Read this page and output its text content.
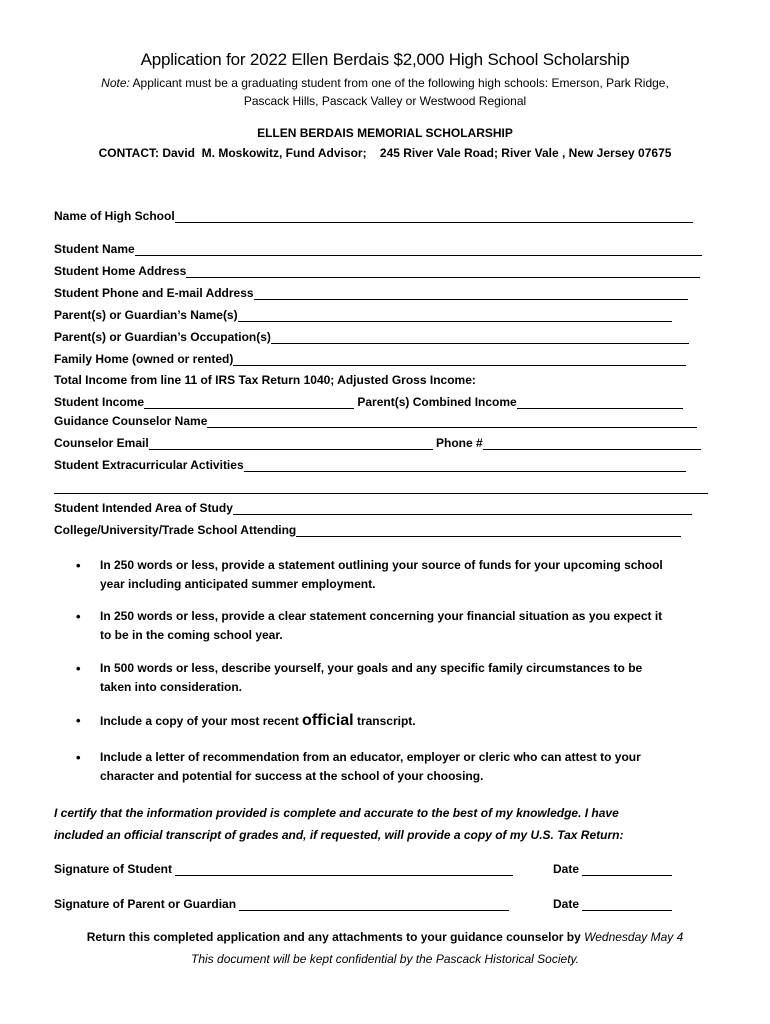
Application for 2022 Ellen Berdais $2,000 High School Scholarship
Note: Applicant must be a graduating student from one of the following high schools: Emerson, Park Ridge,
Pascack Hills, Pascack Valley or Westwood Regional
ELLEN BERDAIS MEMORIAL SCHOLARSHIP
CONTACT: David  M. Moskowitz, Fund Advisor;    245 River Vale Road; River Vale , New Jersey 07675
Name of High School
Student Name
Student Home Address
Student Phone and E-mail Address
Parent(s) or Guardian’s Name(s)
Parent(s) or Guardian’s Occupation(s)
Family Home (owned or rented)
Total Income from line 11 of IRS Tax Return 1040; Adjusted Gross Income:
Student Income	Parent(s) Combined Income
Guidance Counselor Name
Counselor Email	Phone #
Student Extracurricular Activities
Student Intended Area of Study
College/University/Trade School Attending
• In 250 words or less, provide a statement outlining your source of funds for your upcoming school
year including anticipated summer employment.
• In 250 words or less, provide a clear statement concerning your financial situation as you expect it
to be in the coming school year.
• In 500 words or less, describe yourself, your goals and any specific family circumstances to be
taken into consideration.
• Include a copy of your most recent official transcript.
• Include a letter of recommendation from an educator, employer or cleric who can attest to your
character and potential for success at the school of your choosing.
I certify that the information provided is complete and accurate to the best of my knowledge. I have
included an official transcript of grades and, if requested, will provide a copy of my U.S. Tax Return:
Signature of Student	Date
Signature of Parent or Guardian	Date
Return this completed application and any attachments to your guidance counselor by Wednesday May 4
This document will be kept confidential by the Pascack Historical Society.
